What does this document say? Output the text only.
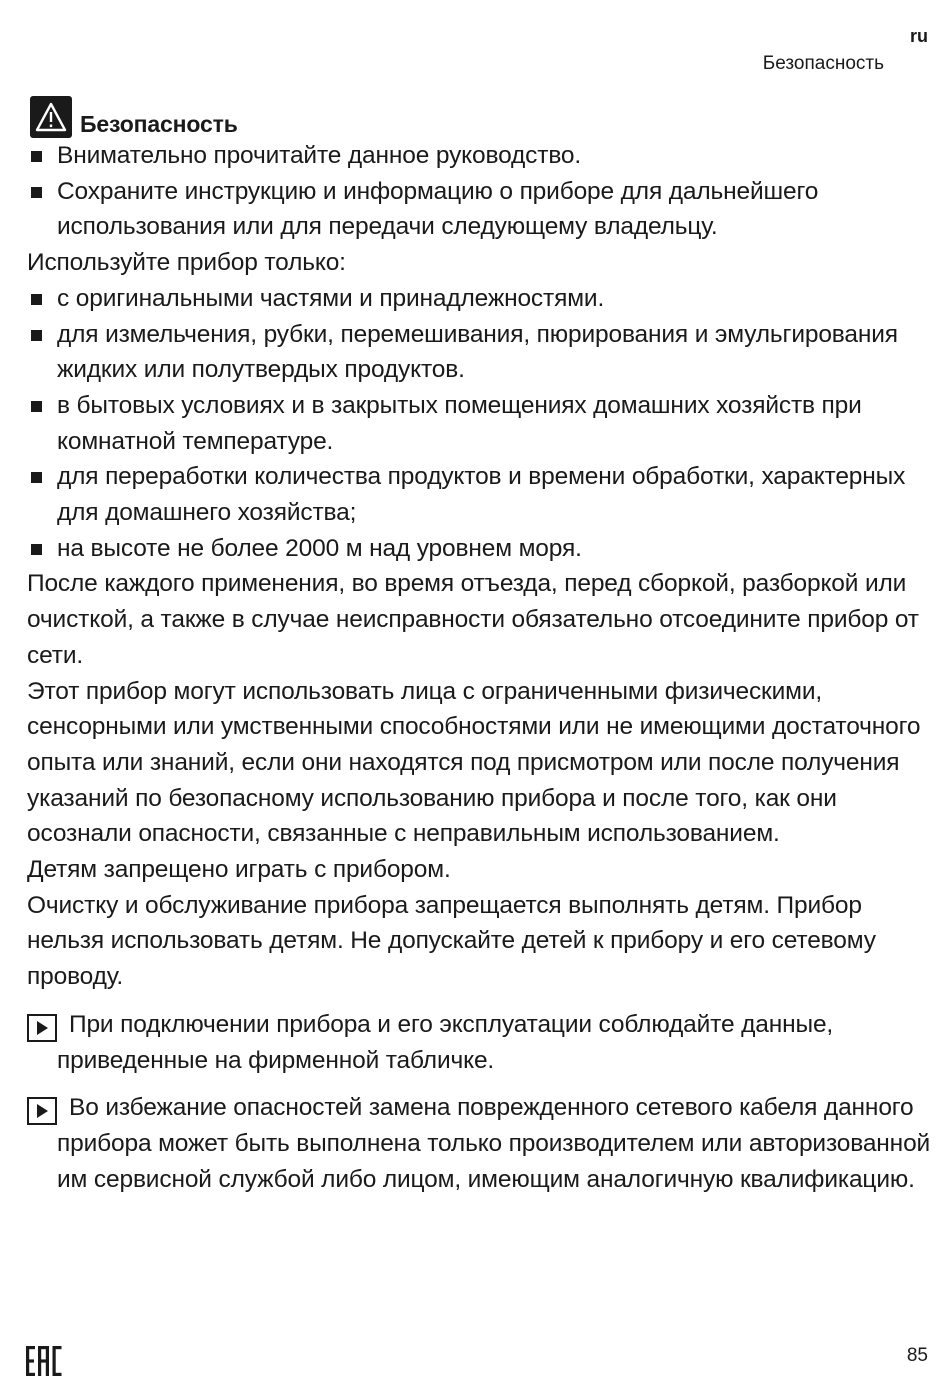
ru
Безопасность
Безопасность
Внимательно прочитайте данное руководство.
Сохраните инструкцию и информацию о приборе для дальнейшего использования или для передачи следующему владельцу.

Используйте прибор только:

с оригинальными частями и принадлежностями.
для измельчения, рубки, перемешивания, пюрирования и эмульгирования жидких или полутвердых продуктов.
в бытовых условиях и в закрытых помещениях домашних хозяйств при комнатной температуре.
для переработки количества продуктов и времени обработки, характерных для домашнего хозяйства;
на высоте не более 2000 м над уровнем моря.

После каждого применения, во время отъезда, перед сборкой, разборкой или очисткой, а также в случае неисправности обязательно отсоедините прибор от сети.

Этот прибор могут использовать лица с ограниченными физическими, сенсорными или умственными способностями или не имеющими достаточного опыта или знаний, если они находятся под присмотром или после получения указаний по безопасному использованию прибора и после того, как они осознали опасности, связанные с неправильным использованием.

Детям запрещено играть с прибором.

Очистку и обслуживание прибора запрещается выполнять детям. Прибор нельзя использовать детям. Не допускайте детей к прибору и его сетевому проводу.

При подключении прибора и его эксплуатации соблюдайте данные, приведенные на фирменной табличке.
Во избежание опасностей замена поврежденного сетевого кабеля данного прибора может быть выполнена только производителем или авторизованной им сервисной службой либо лицом, имеющим аналогичную квалификацию.
85
